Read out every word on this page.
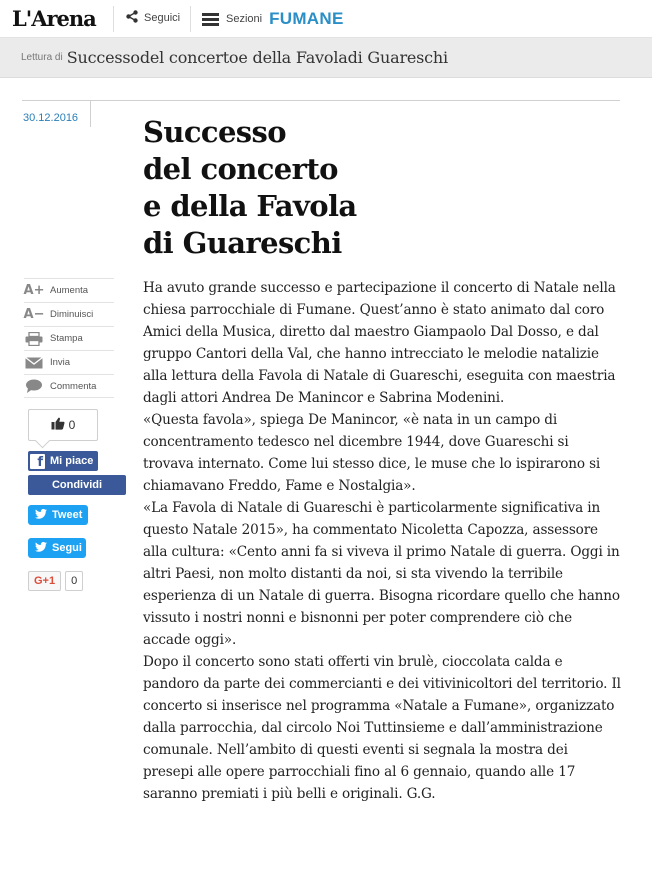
L'Arena	Seguici	Sezioni FUMANE
Lettura di Successodel concertoe della Favoladi Guareschi
30.12.2016 Successo
del concerto
e della Favola
di Guareschi
A+ Aumenta
A− Diminuisci
Stampa
Invia
Commenta
0
f Mi piace
Condividi
Tweet
Segui
G+1	0

Ha avuto grande successo e partecipazione il concerto di Natale nella chiesa parrocchiale di Fumane. Quest’anno è stato animato dal coro Amici della Musica, diretto dal maestro Giampaolo Dal Dosso, e dal gruppo Cantori della Val, che hanno intrecciato le melodie natalizie alla lettura della Favola di Natale di Guareschi, eseguita con maestria dagli attori Andrea De Manincor e Sabrina Modenini.

«Questa favola», spiega De Manincor, «è nata in un campo di concentramento tedesco nel dicembre 1944, dove Guareschi si trovava internato. Come lui stesso dice, le muse che lo ispirarono si chiamavano Freddo, Fame e Nostalgia».

«La Favola di Natale di Guareschi è particolarmente significativa in questo Natale 2015», ha commentato Nicoletta Capozza, assessore alla cultura: «Cento anni fa si viveva il primo Natale di guerra. Oggi in altri Paesi, non molto distanti da noi, si sta vivendo la terribile esperienza di un Natale di guerra. Bisogna ricordare quello che hanno vissuto i nostri nonni e bisnonni per poter comprendere ciò che accade oggi».

Dopo il concerto sono stati offerti vin brulè, cioccolata calda e pandoro da parte dei commercianti e dei vitivinicoltori del territorio. Il concerto si inserisce nel programma «Natale a Fumane», organizzato dalla parrocchia, dal circolo Noi Tuttinsieme e dall’amministrazione comunale. Nell’ambito di questi eventi si segnala la mostra dei presepi alle opere parrocchiali fino al 6 gennaio, quando alle 17 saranno premiati i più belli e originali. G.G.
